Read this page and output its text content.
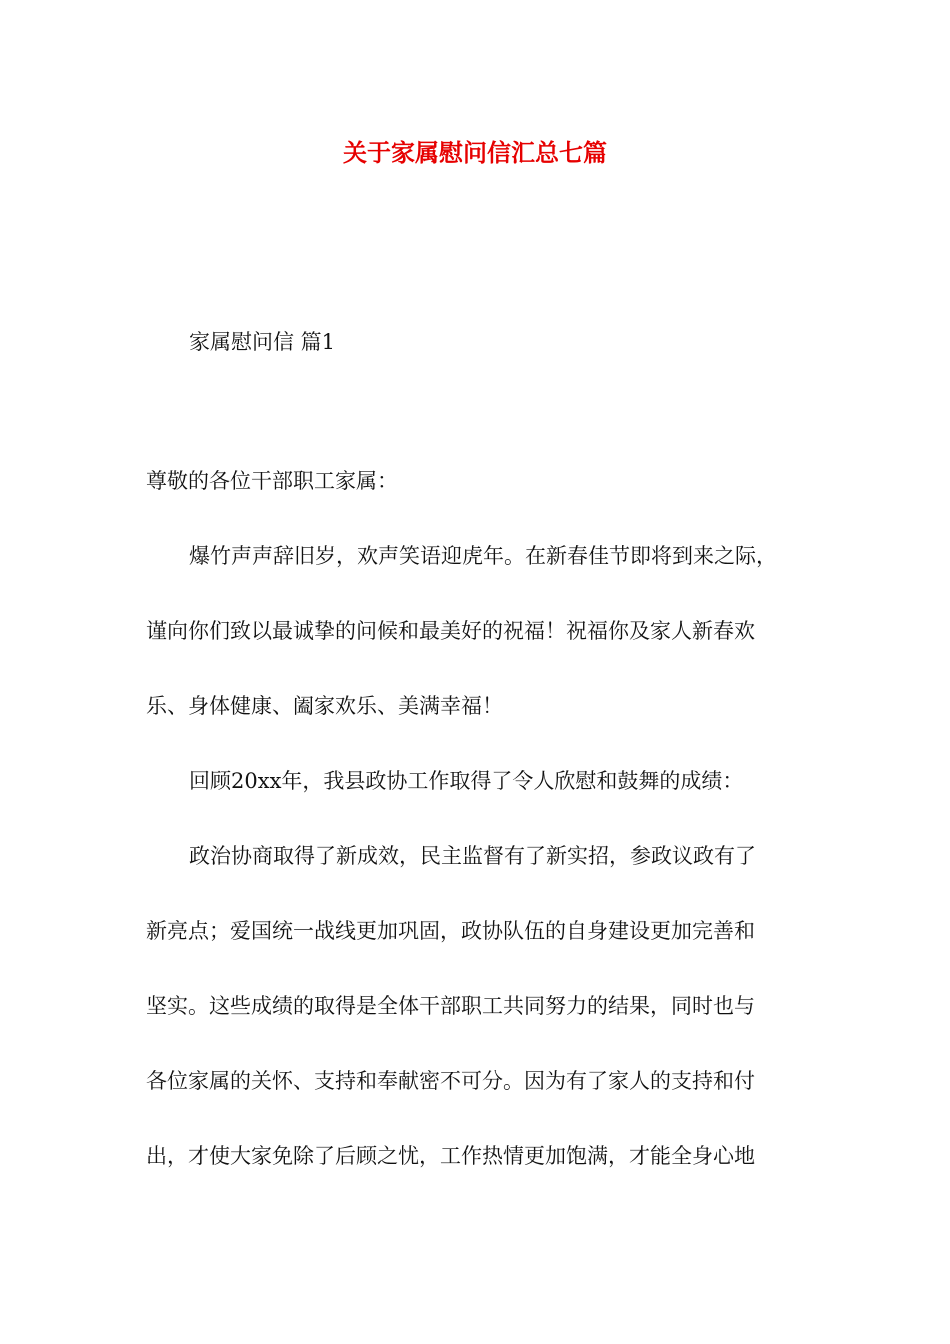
关于家属慰问信汇总七篇

家属慰问信 篇1

尊敬的各位干部职工家属：

爆竹声声辞旧岁，欢声笑语迎虎年。在新春佳节即将到来之际，

谨向你们致以最诚挚的问候和最美好的祝福！祝福你及家人新春欢

乐、身体健康、阖家欢乐、美满幸福！

回顾20xx年，我县政协工作取得了令人欣慰和鼓舞的成绩：

政治协商取得了新成效，民主监督有了新实招，参政议政有了

新亮点；爱国统一战线更加巩固，政协队伍的自身建设更加完善和

坚实。这些成绩的取得是全体干部职工共同努力的结果，同时也与

各位家属的关怀、支持和奉献密不可分。因为有了家人的支持和付

出，才使大家免除了后顾之忧，工作热情更加饱满，才能全身心地
